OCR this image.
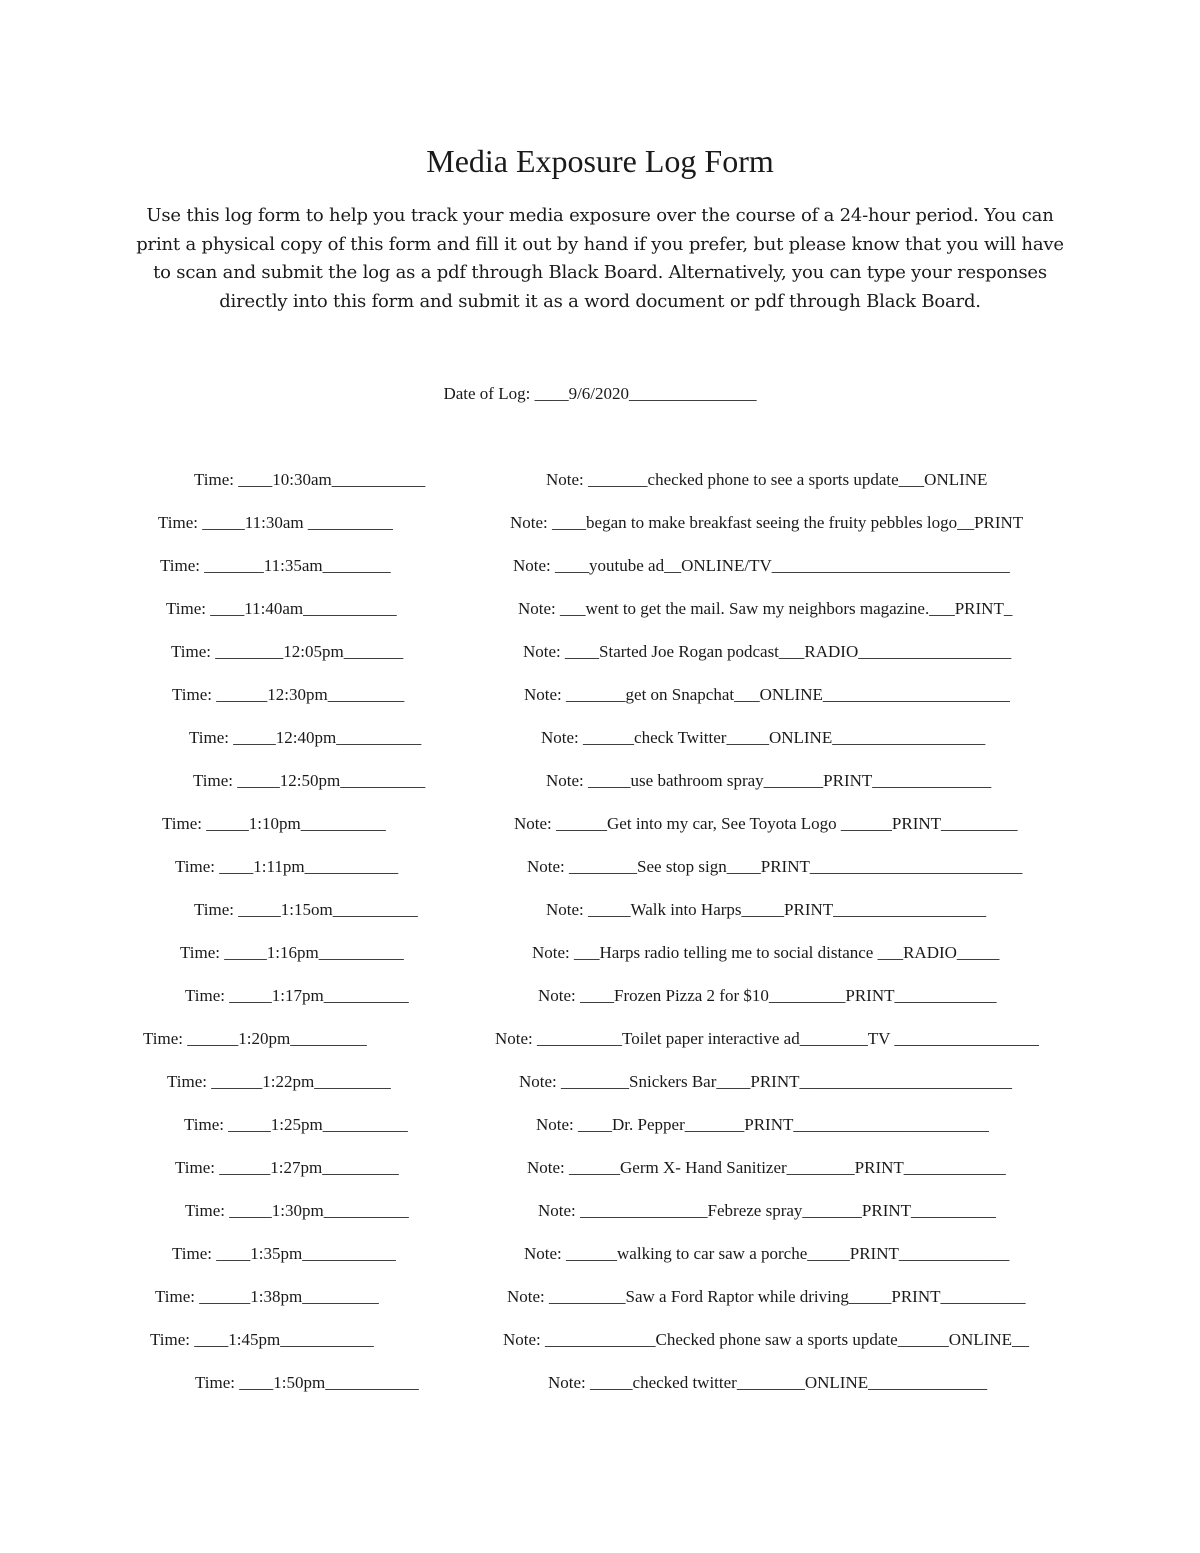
Media Exposure Log Form

Use this log form to help you track your media exposure over the course of a 24-hour period. You can print a physical copy of this form and fill it out by hand if you prefer, but please know that you will have to scan and submit the log as a pdf through Black Board. Alternatively, you can type your responses directly into this form and submit it as a word document or pdf through Black Board.

Date of Log: ____9/6/2020_______________
Time: ____10:30am___________	Note: _______checked phone to see a sports update___ONLINE
Time: _____11:30am __________	Note: ____began to make breakfast seeing the fruity pebbles logo__PRINT
Time: _______11:35am________	Note: ____youtube ad__ONLINE/TV____________________________
Time: ____11:40am___________	Note: ___went to get the mail. Saw my neighbors magazine.___PRINT_
Time: ________12:05pm_______	Note: ____Started Joe Rogan podcast___RADIO__________________
Time: ______12:30pm_________	Note: _______get on Snapchat___ONLINE______________________
Time: _____12:40pm__________	Note: ______check Twitter_____ONLINE__________________
Time: _____12:50pm__________	Note: _____use bathroom spray_______PRINT______________
Time: _____1:10pm__________	Note: ______Get into my car, See Toyota Logo ______PRINT_________
Time: ____1:11pm___________	Note: ________See stop sign____PRINT_________________________
Time: _____1:15om__________	Note: _____Walk into Harps_____PRINT__________________
Time: _____1:16pm__________	Note: ___Harps radio telling me to social distance ___RADIO_____
Time: _____1:17pm__________	Note: ____Frozen Pizza 2 for $10_________PRINT____________
Time: ______1:20pm_________	Note: __________Toilet paper interactive ad________TV _________________
Time: ______1:22pm_________	Note: ________Snickers Bar____PRINT_________________________
Time: _____1:25pm__________	Note: ____Dr. Pepper_______PRINT_______________________
Time: ______1:27pm_________	Note: ______Germ X- Hand Sanitizer________PRINT____________
Time: _____1:30pm__________	Note: _______________Febreze spray_______PRINT__________
Time: ____1:35pm___________	Note: ______walking to car saw a porche_____PRINT_____________
Time: ______1:38pm_________	Note: _________Saw a Ford Raptor while driving_____PRINT__________
Time: ____1:45pm___________	Note: _____________Checked phone saw a sports update______ONLINE__
Time: ____1:50pm___________	Note: _____checked twitter________ONLINE______________
